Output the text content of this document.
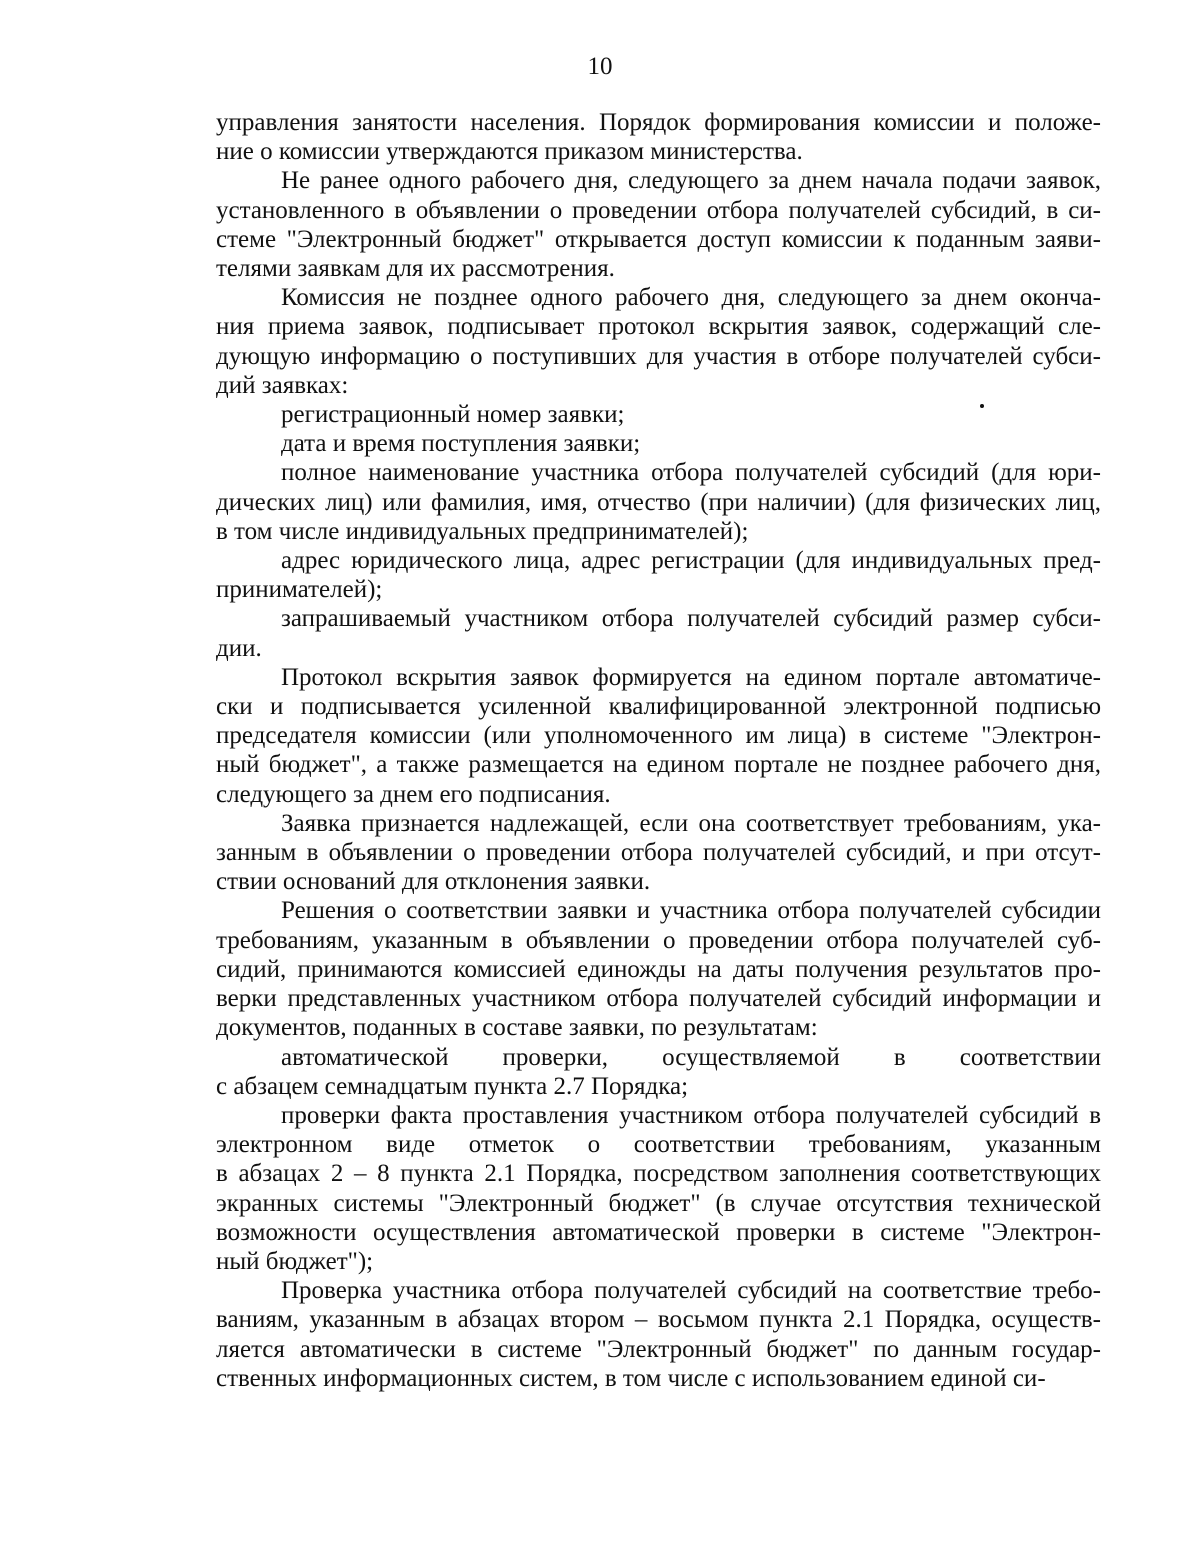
10
управления занятости населения. Порядок формирования комиссии и положе-
ние о комиссии утверждаются приказом министерства.
Не ранее одного рабочего дня, следующего за днем начала подачи заявок,
установленного в объявлении о проведении отбора получателей субсидий, в си-
стеме "Электронный бюджет" открывается доступ комиссии к поданным заяви-
телями заявкам для их рассмотрения.
Комиссия не позднее одного рабочего дня, следующего за днем оконча-
ния приема заявок, подписывает протокол вскрытия заявок, содержащий сле-
дующую информацию о поступивших для участия в отборе получателей субси-
дий заявках:
регистрационный номер заявки;
дата и время поступления заявки;
полное наименование участника отбора получателей субсидий (для юри-
дических лиц) или фамилия, имя, отчество (при наличии) (для физических лиц,
в том числе индивидуальных предпринимателей);
адрес юридического лица, адрес регистрации (для индивидуальных пред-
принимателей);
запрашиваемый участником отбора получателей субсидий размер субси-
дии.
Протокол вскрытия заявок формируется на едином портале автоматиче-
ски и подписывается усиленной квалифицированной электронной подписью
председателя комиссии (или уполномоченного им лица) в системе "Электрон-
ный бюджет", а также размещается на едином портале не позднее рабочего дня,
следующего за днем его подписания.
Заявка признается надлежащей, если она соответствует требованиям, ука-
занным в объявлении о проведении отбора получателей субсидий, и при отсут-
ствии оснований для отклонения заявки.
Решения о соответствии заявки и участника отбора получателей субсидии
требованиям, указанным в объявлении о проведении отбора получателей суб-
сидий, принимаются комиссией единожды на даты получения результатов про-
верки представленных участником отбора получателей субсидий информации и
документов, поданных в составе заявки, по результатам:
автоматической проверки, осуществляемой в соответствии
с абзацем семнадцатым пункта 2.7 Порядка;
проверки факта проставления участником отбора получателей субсидий в
электронном виде отметок о соответствии требованиям, указанным
в абзацах 2 – 8 пункта 2.1 Порядка, посредством заполнения соответствующих
экранных системы "Электронный бюджет" (в случае отсутствия технической
возможности осуществления автоматической проверки в системе "Электрон-
ный бюджет");
Проверка участника отбора получателей субсидий на соответствие требо-
ваниям, указанным в абзацах втором – восьмом пункта 2.1 Порядка, осуществ-
ляется автоматически в системе "Электронный бюджет" по данным государ-
ственных информационных систем, в том числе с использованием единой си-
